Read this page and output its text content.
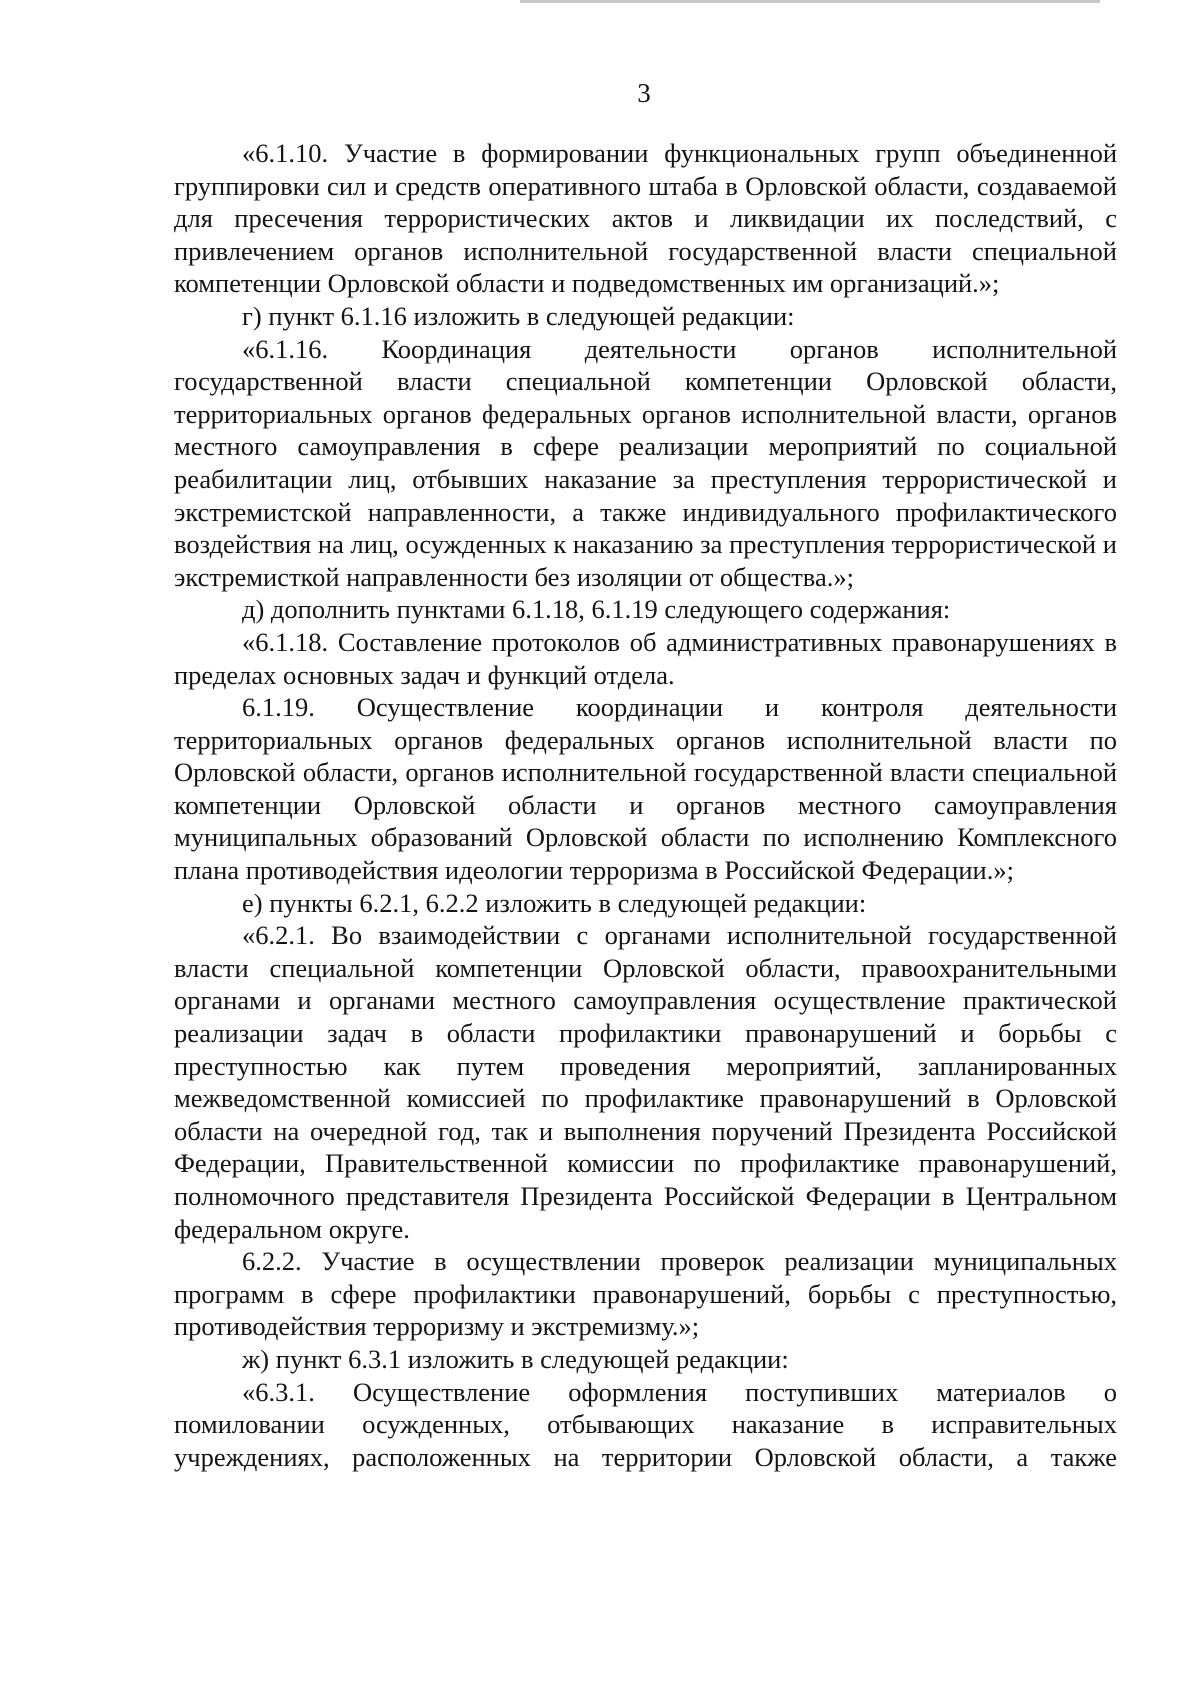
3

«6.1.10. Участие в формировании функциональных групп объединенной группировки сил и средств оперативного штаба в Орловской области, создаваемой для пресечения террористических актов и ликвидации их последствий, с привлечением органов исполнительной государственной власти специальной компетенции Орловской области и подведомственных им организаций.»;

г) пункт 6.1.16 изложить в следующей редакции:

«6.1.16. Координация деятельности органов исполнительной государственной власти специальной компетенции Орловской области, территориальных органов федеральных органов исполнительной власти, органов местного самоуправления в сфере реализации мероприятий по социальной реабилитации лиц, отбывших наказание за преступления террористической и экстремистской направленности, а также индивидуального профилактического воздействия на лиц, осужденных к наказанию за преступления террористической и экстремисткой направленности без изоляции от общества.»;

д) дополнить пунктами 6.1.18, 6.1.19 следующего содержания:

«6.1.18. Составление протоколов об административных правонарушениях в пределах основных задач и функций отдела.

6.1.19. Осуществление координации и контроля деятельности территориальных органов федеральных органов исполнительной власти по Орловской области, органов исполнительной государственной власти специальной компетенции Орловской области и органов местного самоуправления муниципальных образований Орловской области по исполнению Комплексного плана противодействия идеологии терроризма в Российской Федерации.»;

е) пункты 6.2.1, 6.2.2 изложить в следующей редакции:

«6.2.1. Во взаимодействии с органами исполнительной государственной власти специальной компетенции Орловской области, правоохранительными органами и органами местного самоуправления осуществление практической реализации задач в области профилактики правонарушений и борьбы с преступностью как путем проведения мероприятий, запланированных межведомственной комиссией по профилактике правонарушений в Орловской области на очередной год, так и выполнения поручений Президента Российской Федерации, Правительственной комиссии по профилактике правонарушений, полномочного представителя Президента Российской Федерации в Центральном федеральном округе.

6.2.2. Участие в осуществлении проверок реализации муниципальных программ в сфере профилактики правонарушений, борьбы с преступностью, противодействия терроризму и экстремизму.»;

ж) пункт 6.3.1 изложить в следующей редакции:

«6.3.1. Осуществление оформления поступивших материалов о помиловании осужденных, отбывающих наказание в исправительных учреждениях, расположенных на территории Орловской области, а также
